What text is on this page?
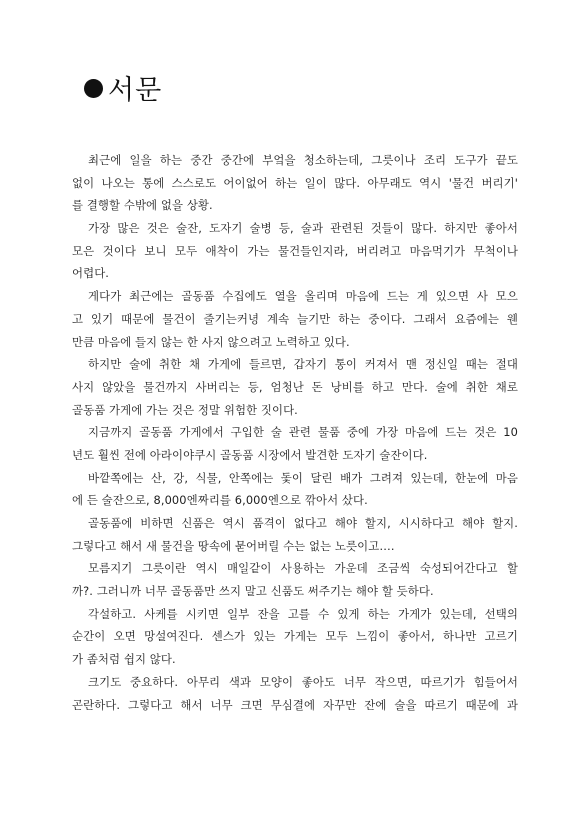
서문
최근에 일을 하는 중간 중간에 부엌을 청소하는데, 그릇이나 조리 도구가 끝도
없이 나오는 통에 스스로도 어이없어 하는 일이 많다. 아무래도 역시 '물건 버리기'
를 결행할 수밖에 없을 상황.
가장 많은 것은 술잔, 도자기 술병 등, 술과 관련된 것들이 많다. 하지만 좋아서
모은 것이다 보니 모두 애착이 가는 물건들인지라, 버리려고 마음먹기가 무척이나
어렵다.
게다가 최근에는 골동품 수집에도 열을 올리며 마음에 드는 게 있으면 사 모으
고 있기 때문에 물건이 줄기는커녕 계속 늘기만 하는 중이다. 그래서 요즘에는 웬
만큼 마음에 들지 않는 한 사지 않으려고 노력하고 있다.
하지만 술에 취한 채 가게에 들르면, 갑자기 통이 커져서 맨 정신일 때는 절대
사지 않았을 물건까지 사버리는 등, 엄청난 돈 낭비를 하고 만다. 술에 취한 채로
골동품 가게에 가는 것은 정말 위험한 짓이다.
지금까지 골동품 가게에서 구입한 술 관련 물품 중에 가장 마음에 드는 것은 10
년도 훨씬 전에 아라이야쿠시 골동품 시장에서 발견한 도자기 술잔이다.
바깥쪽에는 산, 강, 식물, 안쪽에는 돛이 달린 배가 그려져 있는데, 한눈에 마음
에 든 술잔으로, 8,000엔짜리를 6,000엔으로 깎아서 샀다.
골동품에 비하면 신품은 역시 품격이 없다고 해야 할지, 시시하다고 해야 할지.
그렇다고 해서 새 물건을 땅속에 묻어버릴 수는 없는 노릇이고….
모름지기 그릇이란 역시 매일같이 사용하는 가운데 조금씩 숙성되어간다고 할
까?. 그러니까 너무 골동품만 쓰지 말고 신품도 써주기는 해야 할 듯하다.
각설하고. 사케를 시키면 일부 잔을 고를 수 있게 하는 가게가 있는데, 선택의
순간이 오면 망설여진다. 센스가 있는 가게는 모두 느낌이 좋아서, 하나만 고르기
가 좀처럼 쉽지 않다.
크기도 중요하다. 아무리 색과 모양이 좋아도 너무 작으면, 따르기가 힘들어서
곤란하다. 그렇다고 해서 너무 크면 무심결에 자꾸만 잔에 술을 따르기 때문에 과
